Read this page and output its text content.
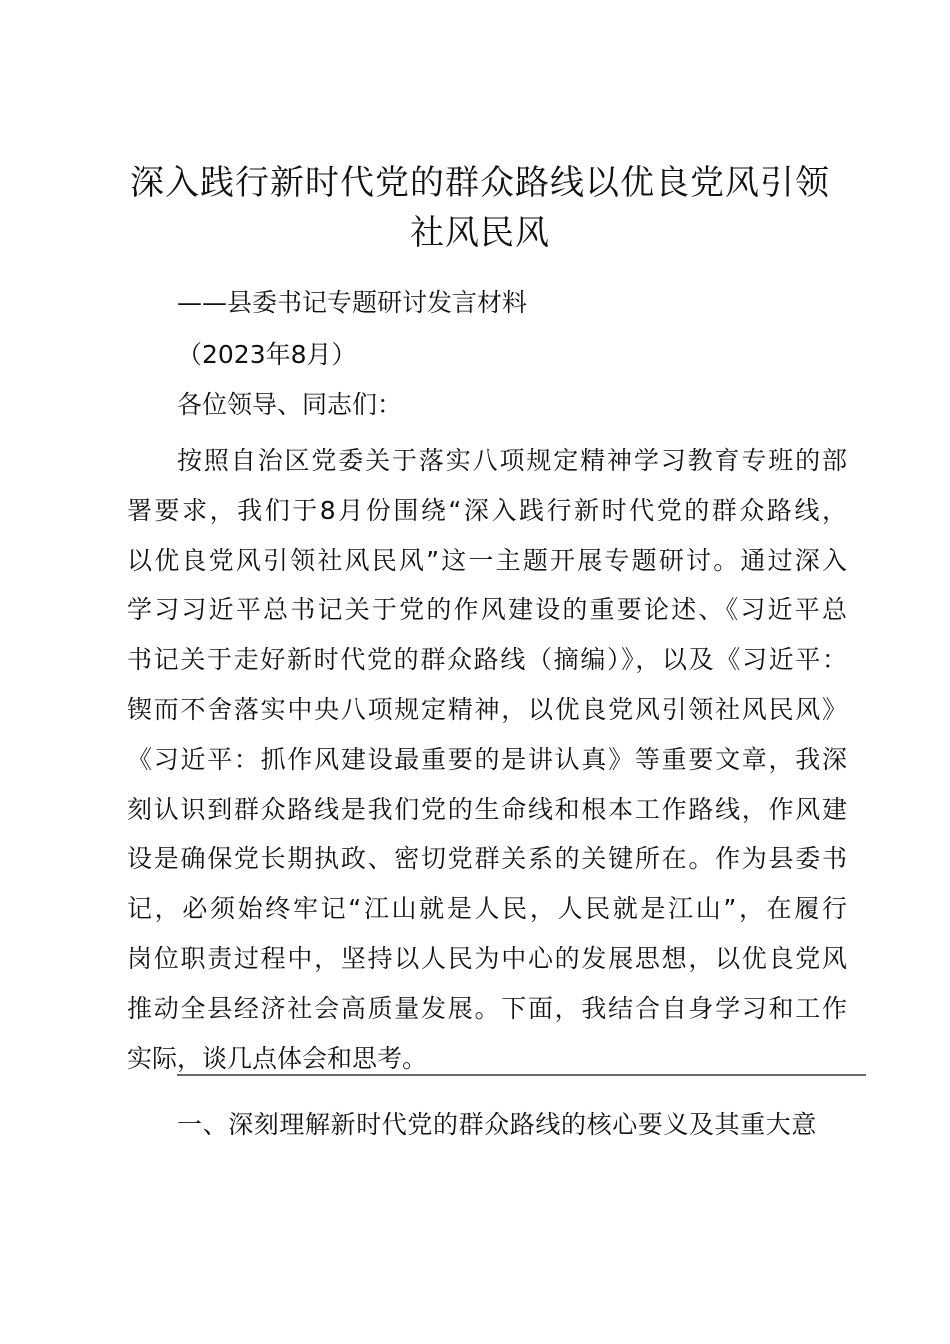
深入践行新时代党的群众路线以优良党风引领
社风民风
——县委书记专题研讨发言材料
（2023年8月）
各位领导、同志们：
按照自治区党委关于落实八项规定精神学习教育专班的部
署要求，我们于8月份围绕“深入践行新时代党的群众路线，
以优良党风引领社风民风”这一主题开展专题研讨。通过深入
学习习近平总书记关于党的作风建设的重要论述、《习近平总
书记关于走好新时代党的群众路线（摘编）》，以及《习近平：
锲而不舍落实中央八项规定精神，以优良党风引领社风民风》
《习近平：抓作风建设最重要的是讲认真》等重要文章，我深
刻认识到群众路线是我们党的生命线和根本工作路线，作风建
设是确保党长期执政、密切党群关系的关键所在。作为县委书
记，必须始终牢记“江山就是人民，人民就是江山”，在履行
岗位职责过程中，坚持以人民为中心的发展思想，以优良党风
推动全县经济社会高质量发展。下面，我结合自身学习和工作
实际，谈几点体会和思考。
一、深刻理解新时代党的群众路线的核心要义及其重大意
